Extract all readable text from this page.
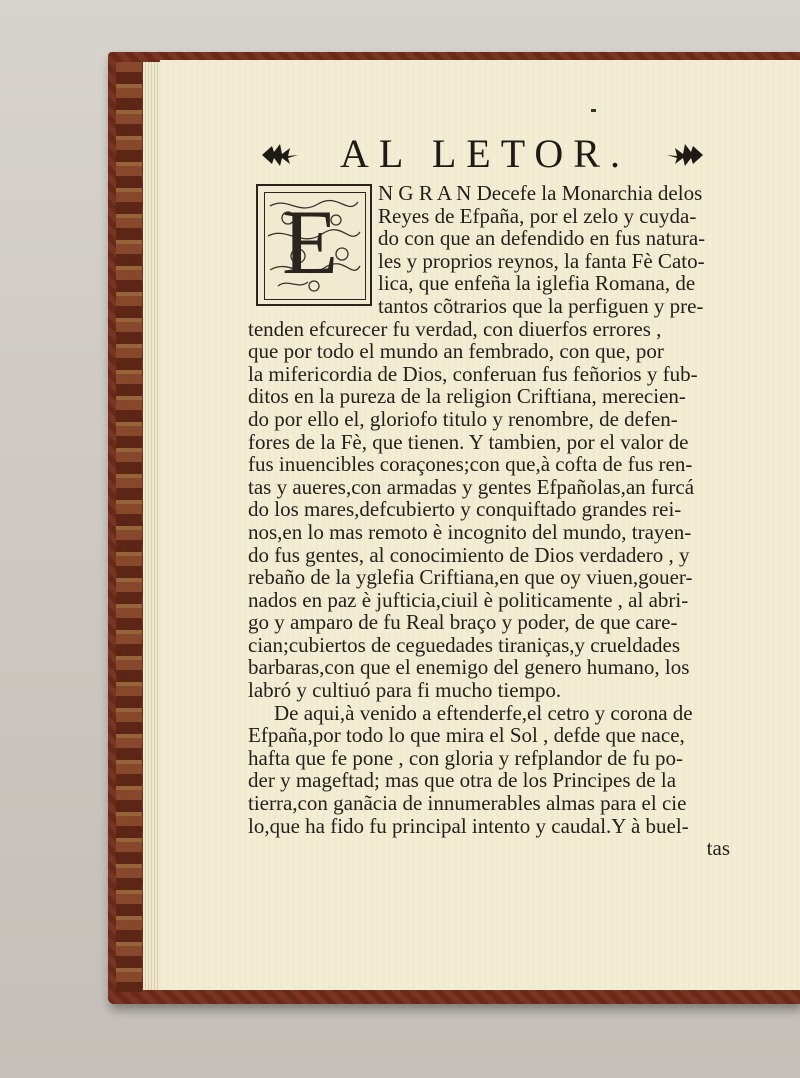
AL LETOR.
E	N G R A N Decefe la Monarchia delos
Reyes de Efpaña, por el zelo y cuyda-
do con que an defendido en fus natura-
les y proprios reynos, la fanta Fè Cato-
lica, que enfeña la iglefia Romana, de
tantos cõtrarios que la perfiguen y pre-
tenden efcurecer fu verdad, con diuerfos errores ,
que por todo el mundo an fembrado, con que, por
la mifericordia de Dios, conferuan fus feñorios y fub-
ditos en la pureza de la religion Criftiana, merecien-
do por ello el, gloriofo titulo y renombre, de defen-
fores de la Fè, que tienen. Y tambien, por el valor de
fus inuencibles coraçones;con que,à cofta de fus ren-
tas y aueres,con armadas y gentes Efpañolas,an furcá
do los mares,defcubierto y conquiftado grandes rei-
nos,en lo mas remoto è incognito del mundo, trayen-
do fus gentes, al conocimiento de Dios verdadero , y
rebaño de la yglefia Criftiana,en que oy viuen,gouer-
nados en paz è jufticia,ciuil è politicamente , al abri-
go y amparo de fu Real braço y poder, de que care-
cian;cubiertos de ceguedades tiraniças,y crueldades
barbaras,con que el enemigo del genero humano, los
labró y cultiuó para fi mucho tiempo.
De aqui,à venido a eftenderfe,el cetro y corona de
Efpaña,por todo lo que mira el Sol , defde que nace,
hafta que fe pone , con gloria y refplandor de fu po-
der y mageftad; mas que otra de los Principes de la
tierra,con ganãcia de innumerables almas para el cie
lo,que ha fido fu principal intento y caudal.Y à buel-
tas
